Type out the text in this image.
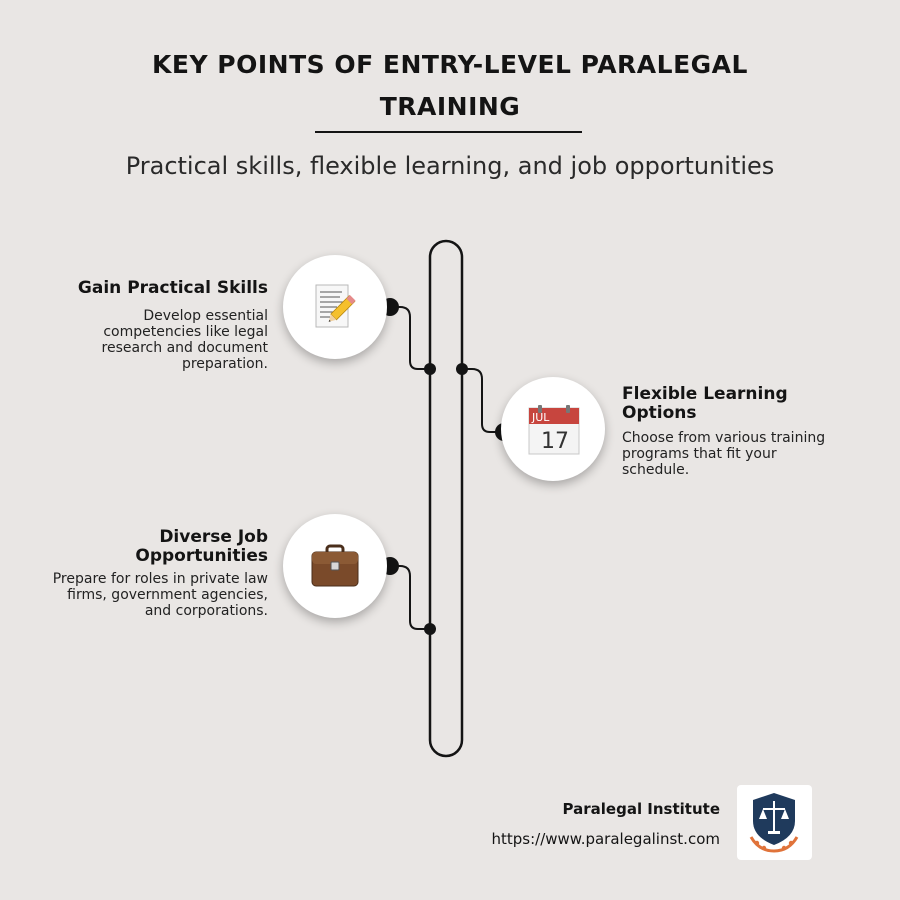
KEY POINTS OF ENTRY-LEVEL PARALEGAL TRAINING
Practical skills, flexible learning, and job opportunities
Gain Practical Skills
Develop essential competencies like legal research and document preparation.
JUL
17
Flexible Learning Options
Choose from various training programs that fit your schedule.
Diverse Job Opportunities
Prepare for roles in private law firms, government agencies, and corporations.
Paralegal Institute
https://www.paralegalinst.com
